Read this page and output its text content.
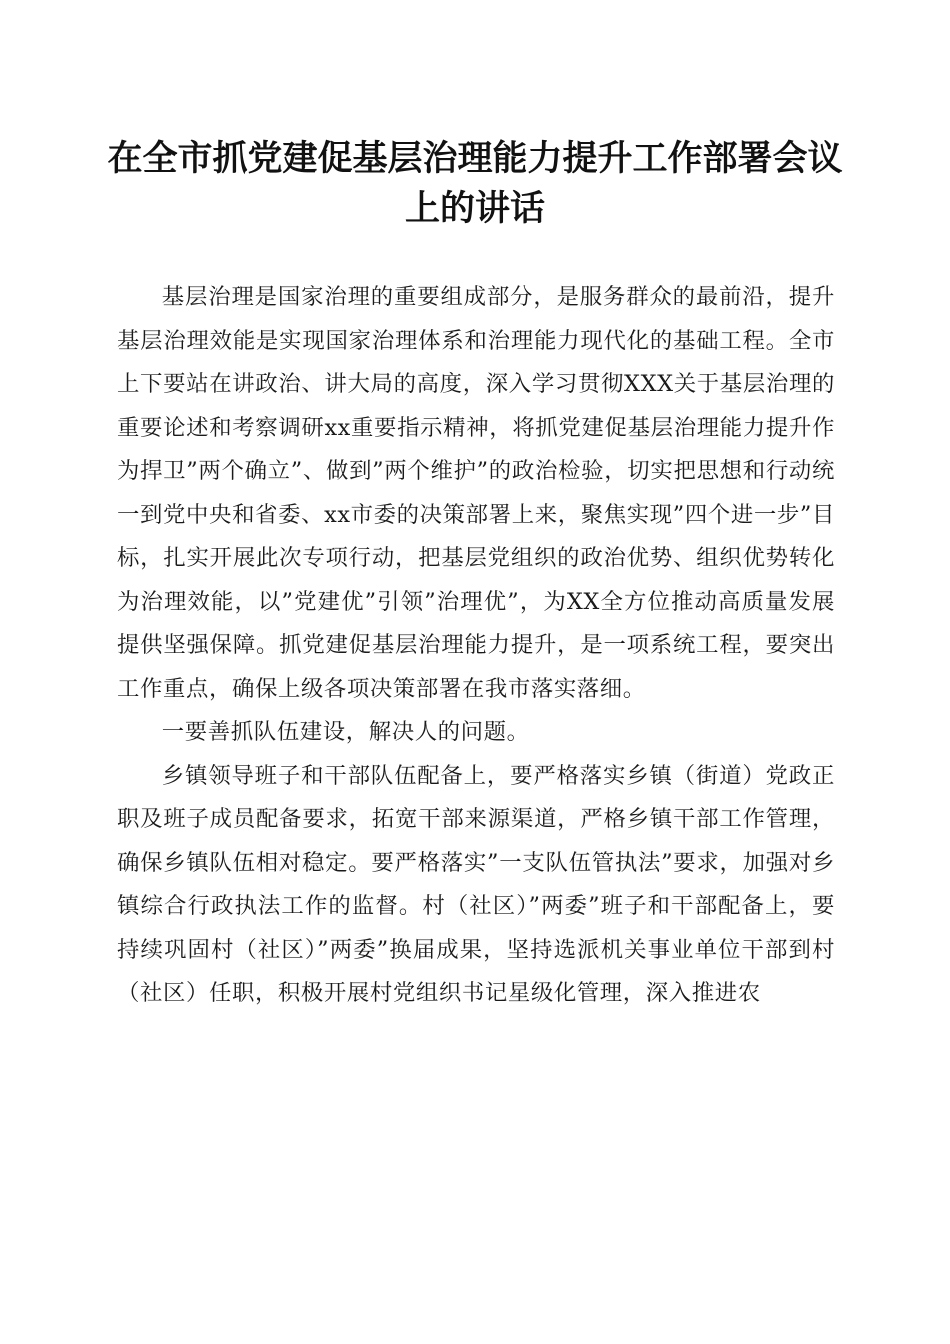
在全市抓党建促基层治理能力提升工作部署会议上的讲话

基层治理是国家治理的重要组成部分，是服务群众的最前沿，提升基层治理效能是实现国家治理体系和治理能力现代化的基础工程。全市上下要站在讲政治、讲大局的高度，深入学习贯彻XXX关于基层治理的重要论述和考察调研xx重要指示精神，将抓党建促基层治理能力提升作为捍卫”两个确立”、做到”两个维护”的政治检验，切实把思想和行动统一到党中央和省委、xx市委的决策部署上来，聚焦实现”四个进一步”目标，扎实开展此次专项行动，把基层党组织的政治优势、组织优势转化为治理效能，以”党建优”引领”治理优”，为XX全方位推动高质量发展提供坚强保障。抓党建促基层治理能力提升，是一项系统工程，要突出工作重点，确保上级各项决策部署在我市落实落细。

一要善抓队伍建设，解决人的问题。

乡镇领导班子和干部队伍配备上，要严格落实乡镇（街道）党政正职及班子成员配备要求，拓宽干部来源渠道，严格乡镇干部工作管理，确保乡镇队伍相对稳定。要严格落实”一支队伍管执法”要求，加强对乡镇综合行政执法工作的监督。村（社区）”两委”班子和干部配备上，要持续巩固村（社区）”两委”换届成果，坚持选派机关事业单位干部到村（社区）任职，积极开展村党组织书记星级化管理，深入推进农
